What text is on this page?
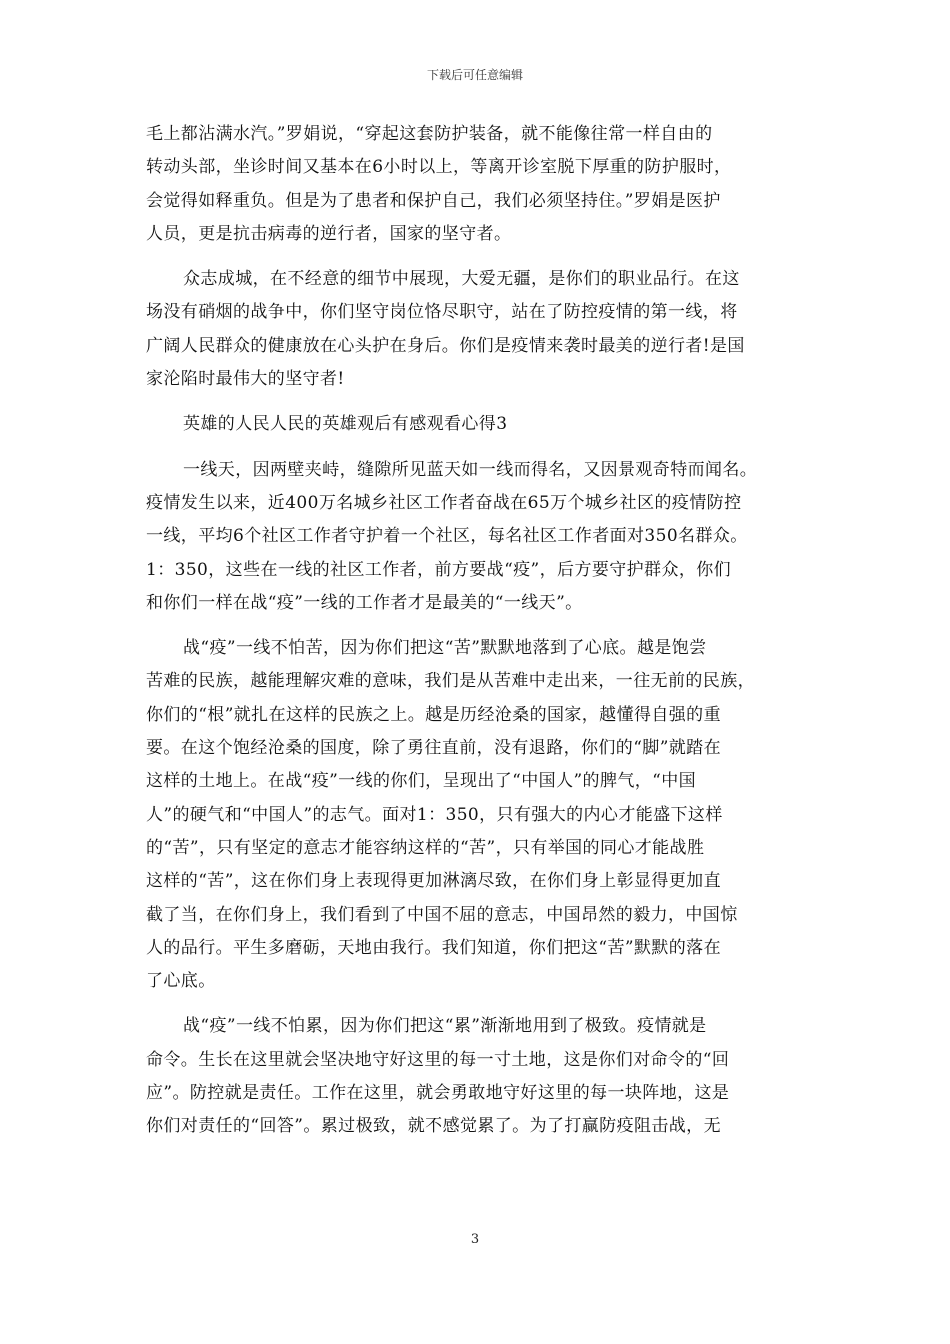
下载后可任意编辑
毛上都沾满水汽。”罗娟说，“穿起这套防护装备，就不能像往常一样自由的
转动头部，坐诊时间又基本在6小时以上，等离开诊室脱下厚重的防护服时，
会觉得如释重负。但是为了患者和保护自己，我们必须坚持住。”罗娟是医护
人员，更是抗击病毒的逆行者，国家的坚守者。
众志成城，在不经意的细节中展现，大爱无疆，是你们的职业品行。在这
场没有硝烟的战争中，你们坚守岗位恪尽职守，站在了防控疫情的第一线，将
广阔人民群众的健康放在心头护在身后。你们是疫情来袭时最美的逆行者!是国
家沦陷时最伟大的坚守者!
英雄的人民人民的英雄观后有感观看心得3
一线天，因两壁夹峙，缝隙所见蓝天如一线而得名，又因景观奇特而闻名。
疫情发生以来，近400万名城乡社区工作者奋战在65万个城乡社区的疫情防控
一线，平均6个社区工作者守护着一个社区，每名社区工作者面对350名群众。
1：350，这些在一线的社区工作者，前方要战“疫”，后方要守护群众，你们
和你们一样在战“疫”一线的工作者才是最美的“一线天”。
战“疫”一线不怕苦，因为你们把这“苦”默默地落到了心底。越是饱尝
苦难的民族，越能理解灾难的意味，我们是从苦难中走出来，一往无前的民族，
你们的“根”就扎在这样的民族之上。越是历经沧桑的国家，越懂得自强的重
要。在这个饱经沧桑的国度，除了勇往直前，没有退路，你们的“脚”就踏在
这样的土地上。在战“疫”一线的你们，呈现出了“中国人”的脾气，“中国
人”的硬气和“中国人”的志气。面对1：350，只有强大的内心才能盛下这样
的“苦”，只有坚定的意志才能容纳这样的“苦”，只有举国的同心才能战胜
这样的“苦”，这在你们身上表现得更加淋漓尽致，在你们身上彰显得更加直
截了当，在你们身上，我们看到了中国不屈的意志，中国昂然的毅力，中国惊
人的品行。平生多磨砺，天地由我行。我们知道，你们把这“苦”默默的落在
了心底。
战“疫”一线不怕累，因为你们把这“累”渐渐地用到了极致。疫情就是
命令。生长在这里就会坚决地守好这里的每一寸土地，这是你们对命令的“回
应”。防控就是责任。工作在这里，就会勇敢地守好这里的每一块阵地，这是
你们对责任的“回答”。累过极致，就不感觉累了。为了打赢防疫阻击战，无
3
